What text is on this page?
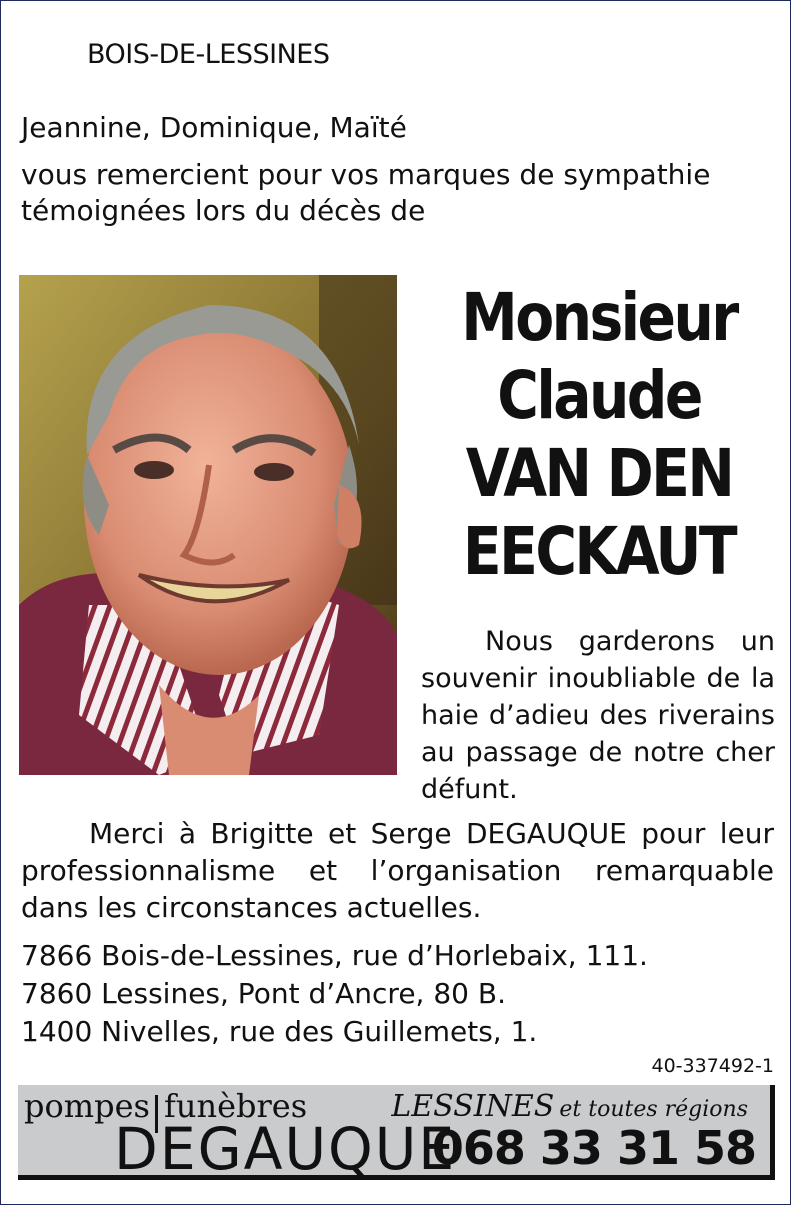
BOIS-DE-LESSINES
Jeannine, Dominique, Maïté
vous remercient pour vos marques de sympathie
témoignées lors du décès de
Monsieur
Claude
VAN DEN
EECKAUT

Nous garderons un souvenir inoubliable de la haie d’adieu des riverains au passage de notre cher défunt.

Merci à Brigitte et Serge DEGAUQUE pour leur professionnalisme et l’organisation remarquable dans les circonstances actuelles.

7866 Bois-de-Lessines, rue d’Horlebaix, 111.
7860 Lessines, Pont d’Ancre, 80 B.
1400 Nivelles, rue des Guillemets, 1.
40-337492-1
pompes funèbres
DEGAUQUE
LESSINES et toutes régions
068 33 31 58
